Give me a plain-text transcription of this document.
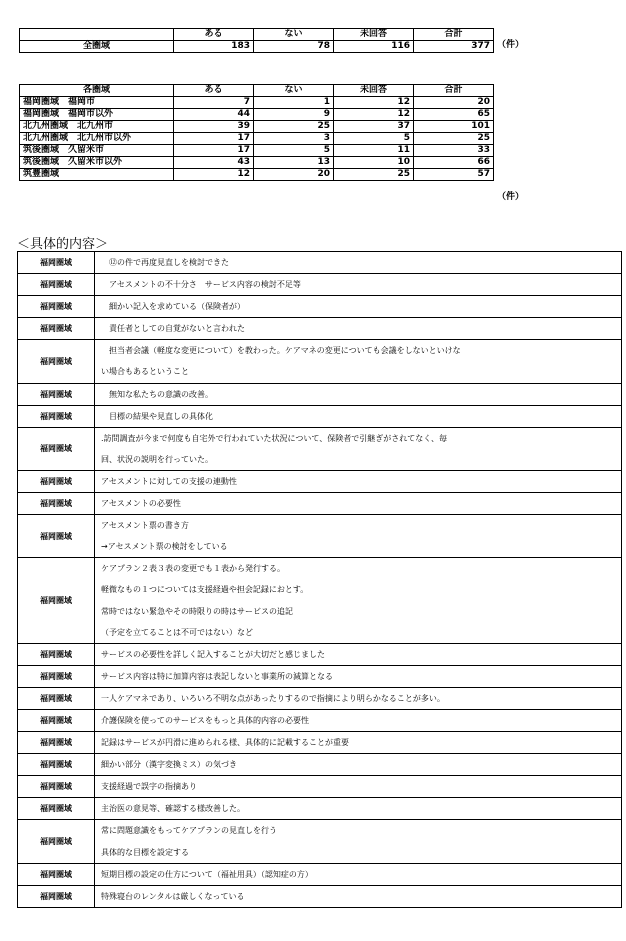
	ある	ない	未回答	合計
全圏域	183	78	116	377 （件）
各圏域	ある	ない	未回答	合計
福岡圏域　福岡市	7	1	12	20
福岡圏域　福岡市以外	44	9	12	65
北九州圏域　北九州市	39	25	37	101
北九州圏域　北九州市以外	17	3	5	25
筑後圏域　久留米市	17	5	11	33
筑後圏域　久留米市以外	43	13	10	66
筑豊圏域	12	20	25	57
（件）
＜具体的内容＞
福岡圏域	　⑫の件で再度見直しを検討できた

福岡圏域	　アセスメントの不十分さ　サービス内容の検討不足等

福岡圏域	　細かい記入を求めている（保険者が）

福岡圏域	　責任者としての自覚がないと言われた

福岡圏域	　担当者会議（軽度な変更について）を教わった。ケアマネの変更についても会議をしないといけな
い場合もあるということ

福岡圏域	　無知な私たちの意識の改善。

福岡圏域	　目標の結果や見直しの具体化

福岡圏域	.訪問調査が今まで何度も自宅外で行われていた状況について、保険者で引継ぎがされてなく、毎
回、状況の説明を行っていた。

福岡圏域	アセスメントに対しての支援の連動性

福岡圏域	アセスメントの必要性

福岡圏域	アセスメント票の書き方
→アセスメント票の検討をしている

福岡圏域	ケアプラン２表３表の変更でも１表から発行する。
軽微なもの１つについては支援経過や担会記録におとす。
常時ではない緊急やその時限りの時はサービスの追記
（予定を立てることは不可ではない）など

福岡圏域	サービスの必要性を詳しく記入することが大切だと感じました

福岡圏域	サービス内容は特に加算内容は表記しないと事業所の減算となる

福岡圏域	一人ケアマネであり、いろいろ不明な点があったりするので指摘により明らかなることが多い。

福岡圏域	介護保険を使ってのサービスをもっと具体的内容の必要性

福岡圏域	記録はサービスが円滑に進められる様、具体的に記載することが重要

福岡圏域	細かい部分（漢字変換ミス）の気づき

福岡圏域	支援経過で誤字の指摘あり

福岡圏域	主治医の意見等、確認する様改善した。

福岡圏域	常に問題意識をもってケアプランの見直しを行う
具体的な目標を設定する

福岡圏域	短期目標の設定の仕方について（福祉用具）（認知症の方）

福岡圏域	特殊寝台のレンタルは厳しくなっている
